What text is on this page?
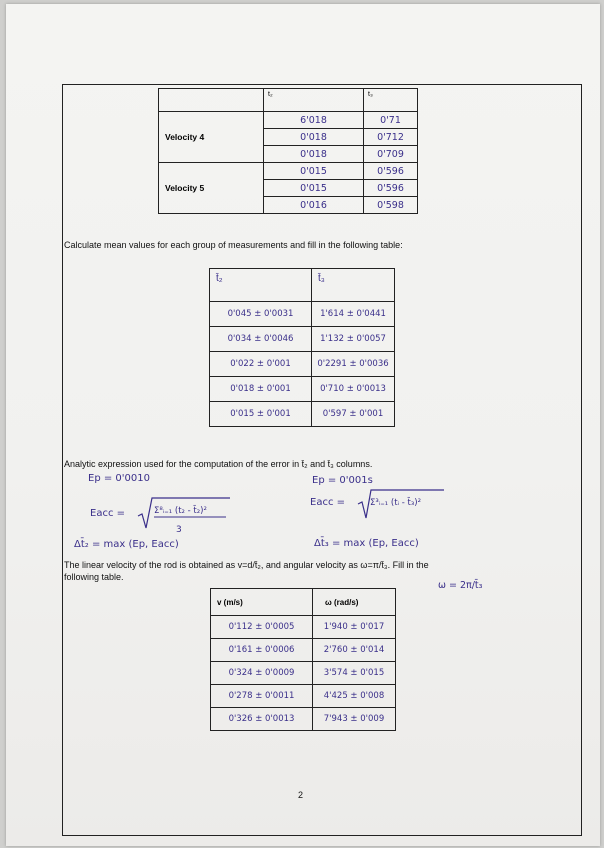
	t₂	t₃
Velocity 4	6'018	0'71
	0'018	0'712
	0'018	0'709
Velocity 5	0'015	0'596
	0'015	0'596
	0'016	0'598
Calculate mean values for each group of measurements and fill in the following table:
t̄₂	t̄₃
0'045 ± 0'0031	1'614 ± 0'0441
0'034 ± 0'0046	1'132 ± 0'0057
0'022 ± 0'001	0'2291 ± 0'0036
0'018 ± 0'001	0'710 ± 0'0013
0'015 ± 0'001	0'597 ± 0'001
Analytic expression used for the computation of the error in t̄₂ and t̄₃ columns.
Ep = 0'0010	Ep = 0'001s
Eacc =	Σ⁸ᵢ₌₁ (t₂ - t̄₂)²
3
Eacc =	Σ³ᵢ₌₁ (tᵢ - t̄₃)²
Δt̄₂ = max (Ep, Eacc)	Δt̄₃ = max (Ep, Eacc)
The linear velocity of the rod is obtained as v=d/t̄₂, and angular velocity as ω=π/t̄₃. Fill in the
following table.
ω = 2π/t̄₃
v (m/s)	ω (rad/s)
0'112 ± 0'0005	1'940 ± 0'017
0'161 ± 0'0006	2'760 ± 0'014
0'324 ± 0'0009	3'574 ± 0'015
0'278 ± 0'0011	4'425 ± 0'008
0'326 ± 0'0013	7'943 ± 0'009
2
